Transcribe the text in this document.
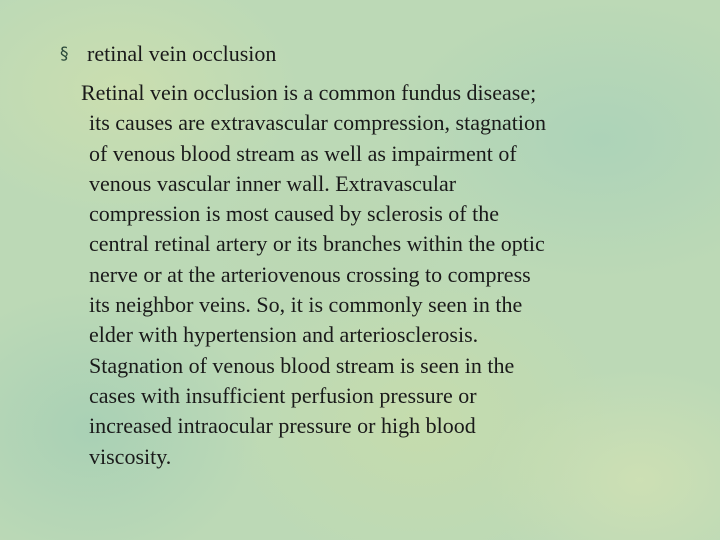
§ retinal vein occlusion
Retinal vein occlusion is a common fundus disease;
its causes are extravascular compression, stagnation
of venous blood stream as well as impairment of
venous vascular inner wall. Extravascular
compression is most caused by sclerosis of the
central retinal artery or its branches within the optic
nerve or at the arteriovenous crossing to compress
its neighbor veins. So, it is commonly seen in the
elder with hypertension and arteriosclerosis.
Stagnation of venous blood stream is seen in the
cases with insufficient perfusion pressure or
increased intraocular pressure or high blood
viscosity.
